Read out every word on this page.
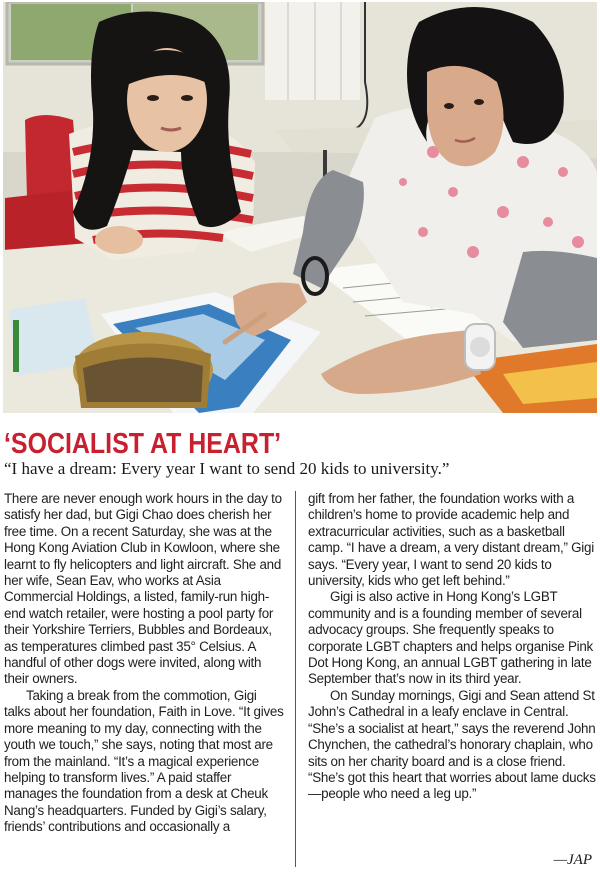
‘SOCIALIST AT HEART’

“I have a dream: Every year I want to send 20 kids to university.”

There are never enough work hours in the day to satisfy her dad, but Gigi Chao does cherish her free time. On a recent Saturday, she was at the Hong Kong Aviation Club in Kowloon, where she learnt to fly helicopters and light aircraft. She and her wife, Sean Eav, who works at Asia Commercial Holdings, a listed, family-run high-end watch retailer, were hosting a pool party for their Yorkshire Terriers, Bubbles and Bordeaux, as temperatures climbed past 35° Celsius. A handful of other dogs were invited, along with their owners.

Taking a break from the commotion, Gigi talks about her foundation, Faith in Love. “It gives more meaning to my day, connecting with the youth we touch,” she says, noting that most are from the mainland. “It’s a magical experience helping to transform lives.” A paid staffer manages the foundation from a desk at Cheuk Nang’s headquarters. Funded by Gigi’s salary, friends’ contributions and occasionally a

gift from her father, the foundation works with a children’s home to provide academic help and extracurricular activities, such as a basketball camp. “I have a dream, a very distant dream,” Gigi says. “Every year, I want to send 20 kids to university, kids who get left behind.”

Gigi is also active in Hong Kong’s LGBT community and is a founding member of several advocacy groups. She frequently speaks to corporate LGBT chapters and helps organise Pink Dot Hong Kong, an annual LGBT gathering in late September that’s now in its third year.

On Sunday mornings, Gigi and Sean attend St John’s Cathedral in a leafy enclave in Central. “She’s a socialist at heart,” says the reverend John Chynchen, the cathedral’s honorary chaplain, who sits on her charity board and is a close friend. “She’s got this heart that worries about lame ducks—people who need a leg up.”

—JAP
